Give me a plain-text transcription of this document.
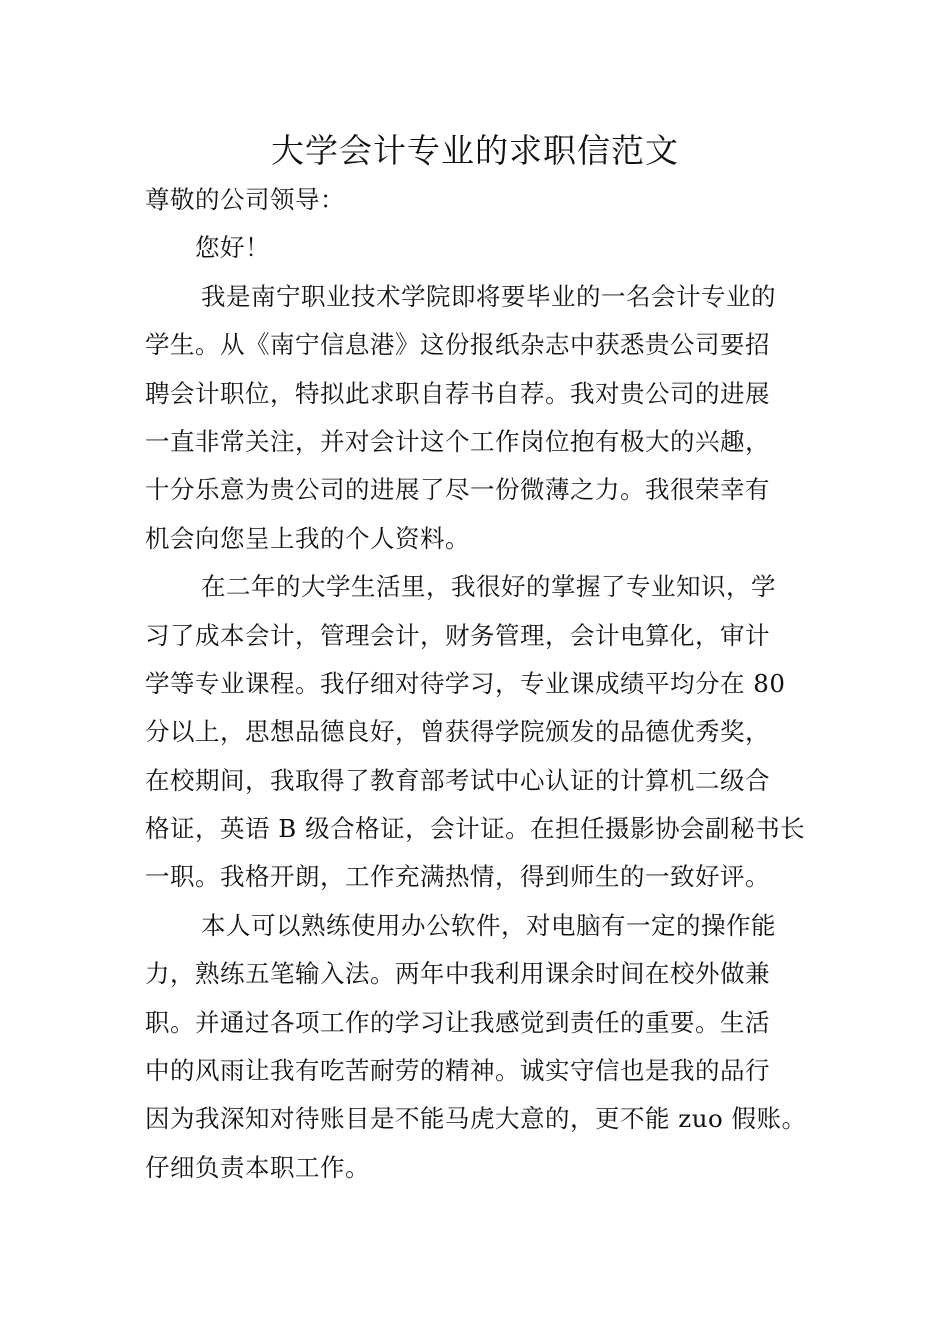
大学会计专业的求职信范文
尊敬的公司领导：
您好！
我是南宁职业技术学院即将要毕业的一名会计专业的
学生。从《南宁信息港》这份报纸杂志中获悉贵公司要招
聘会计职位，特拟此求职自荐书自荐。我对贵公司的进展
一直非常关注，并对会计这个工作岗位抱有极大的兴趣，
十分乐意为贵公司的进展了尽一份微薄之力。我很荣幸有
机会向您呈上我的个人资料。
在二年的大学生活里，我很好的掌握了专业知识，学
习了成本会计，管理会计，财务管理，会计电算化，审计
学等专业课程。我仔细对待学习，专业课成绩平均分在 80
分以上，思想品德良好，曾获得学院颁发的品德优秀奖，
在校期间，我取得了教育部考试中心认证的计算机二级合
格证，英语 B 级合格证，会计证。在担任摄影协会副秘书长
一职。我格开朗，工作充满热情，得到师生的一致好评。
本人可以熟练使用办公软件，对电脑有一定的操作能
力，熟练五笔输入法。两年中我利用课余时间在校外做兼
职。并通过各项工作的学习让我感觉到责任的重要。生活
中的风雨让我有吃苦耐劳的精神。诚实守信也是我的品行
因为我深知对待账目是不能马虎大意的，更不能 zuo 假账。
仔细负责本职工作。
